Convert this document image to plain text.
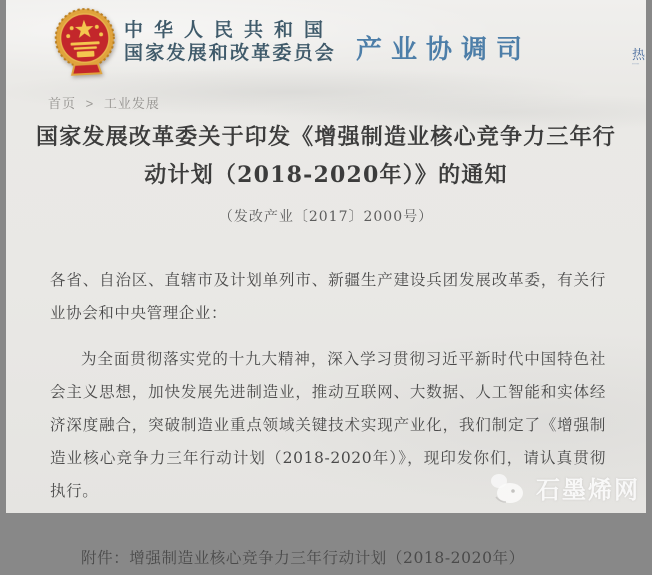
中华人民共和国
国家发展和改革委员会 产业协调司	热
┄┄
首页 > 工业发展
国家发展改革委关于印发《增强制造业核心竞争力三年行动计划（2018-2020年）》的通知
（发改产业〔2017〕2000号）

各省、自治区、直辖市及计划单列市、新疆生产建设兵团发展改革委，有关行业协会和中央管理企业：

为全面贯彻落实党的十九大精神，深入学习贯彻习近平新时代中国特色社会主义思想，加快发展先进制造业，推动互联网、大数据、人工智能和实体经济深度融合，突破制造业重点领域关键技术实现产业化，我们制定了《增强制造业核心竞争力三年行动计划（2018-2020年）》，现印发你们，请认真贯彻执行。

附件：增强制造业核心竞争力三年行动计划（2018-2020年）

石墨烯网
